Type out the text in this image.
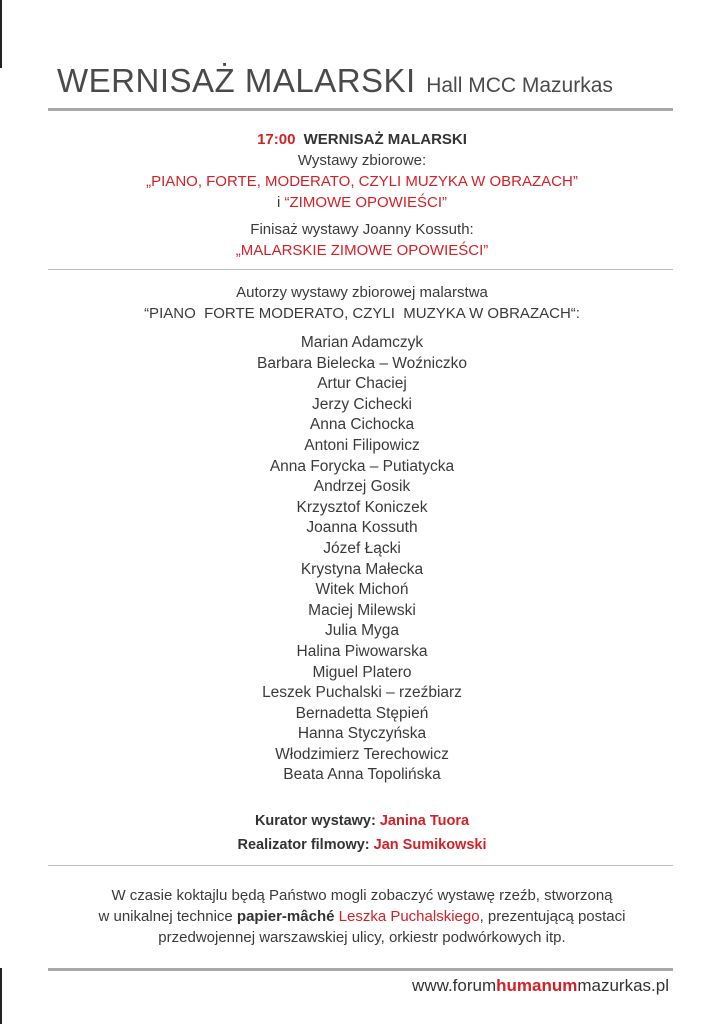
WERNISAŻ MALARSKI Hall MCC Mazurkas
17:00 WERNISAŻ MALARSKI
Wystawy zbiorowe:
„PIANO, FORTE, MODERATO, CZYLI MUZYKA W OBRAZACH”
i “ZIMOWE OPOWIEŚCI”
Finisaż wystawy Joanny Kossuth:
„MALARSKIE ZIMOWE OPOWIEŚCI”
Autorzy wystawy zbiorowej malarstwa
“PIANO  FORTE MODERATO, CZYLI  MUZYKA W OBRAZACH“:
Marian Adamczyk
Barbara Bielecka – Woźniczko
Artur Chaciej
Jerzy Cichecki
Anna Cichocka
Antoni Filipowicz
Anna Forycka – Putiatycka
Andrzej Gosik
Krzysztof Koniczek
Joanna Kossuth
Józef Łącki
Krystyna Małecka
Witek Michoń
Maciej Milewski
Julia Myga
Halina Piwowarska
Miguel Platero
Leszek Puchalski – rzeźbiarz
Bernadetta Stępień
Hanna Styczyńska
Włodzimierz Terechowicz
Beata Anna Topolińska
Kurator wystawy: Janina Tuora
Realizator filmowy: Jan Sumikowski
W czasie koktajlu będą Państwo mogli zobaczyć wystawę rzeźb, stworzoną
w unikalnej technice papier-mâché Leszka Puchalskiego, prezentującą postaci
przedwojennej warszawskiej ulicy, orkiestr podwórkowych itp.
www.forumhumanummazurkas.pl
